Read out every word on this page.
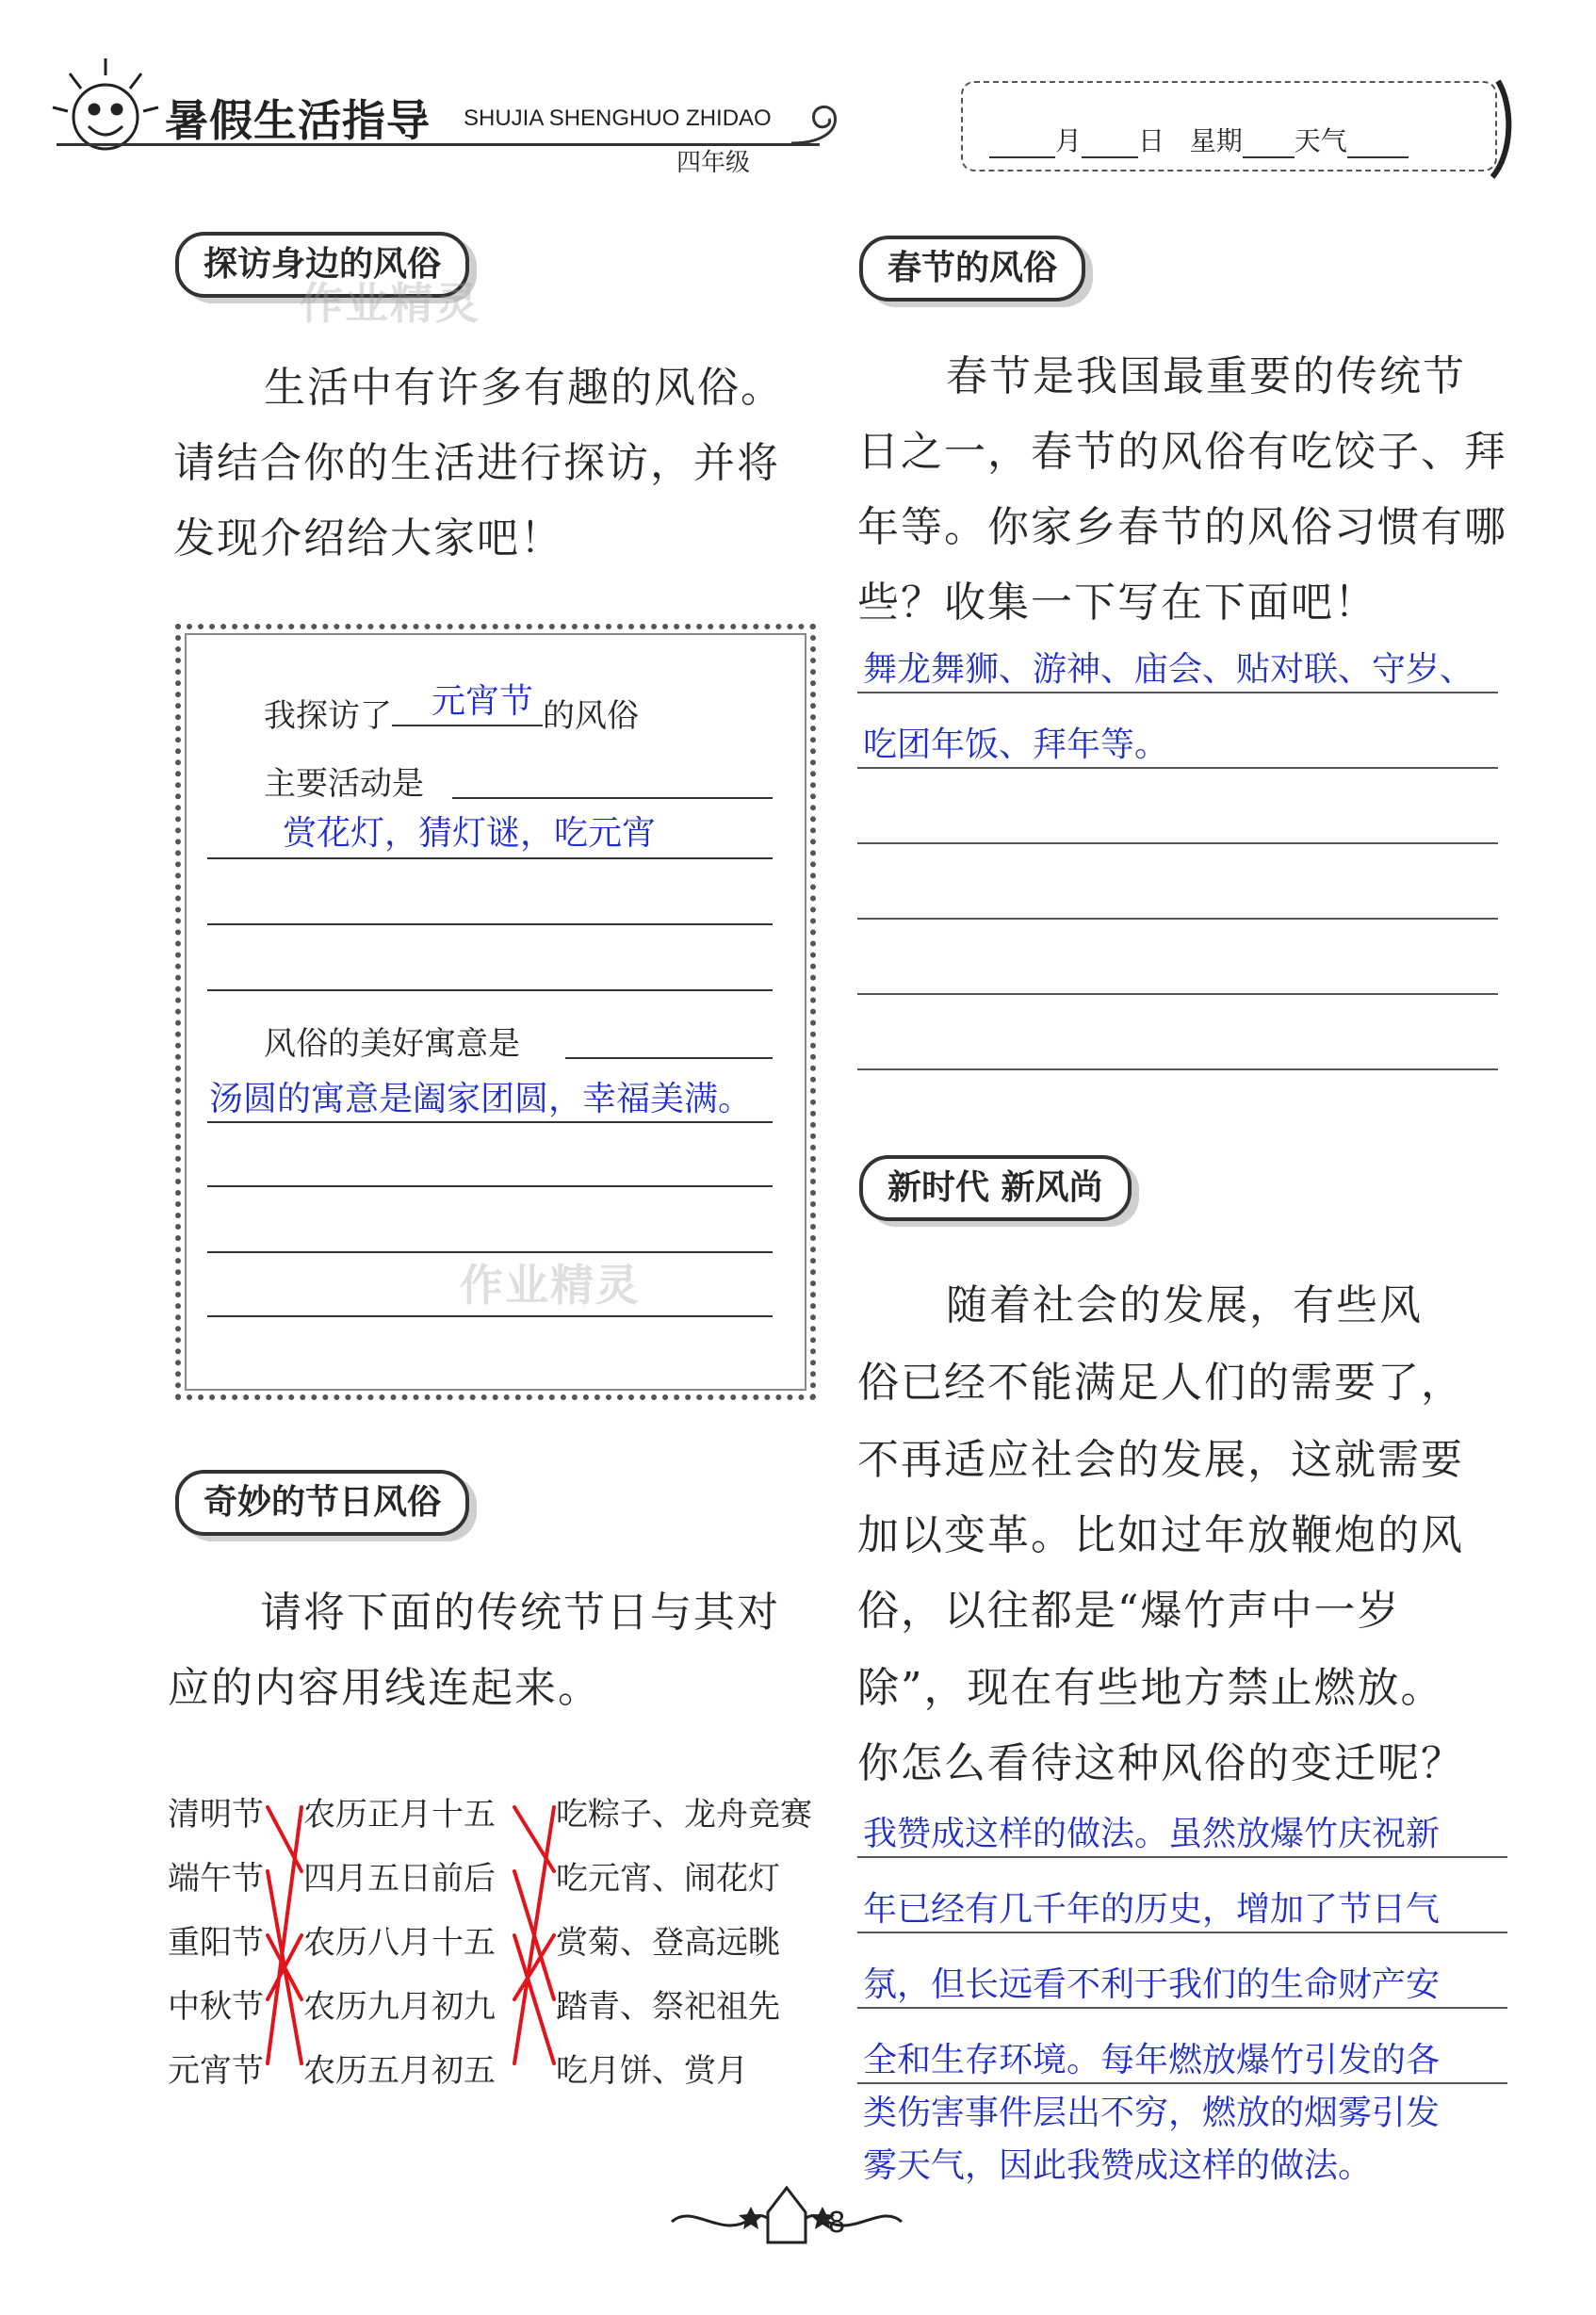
暑假生活指导 SHUJIA SHENGHUO ZHIDAO
四年级
月 日 星期 天气
探访身边的风俗
生活中有许多有趣的风俗。
请结合你的生活进行探访，并将
发现介绍给大家吧！
我探访了	的风俗
元宵节
主要活动是
赏花灯，猜灯谜，吃元宵
风俗的美好寓意是
汤圆的寓意是阖家团圆，幸福美满。
奇妙的节日风俗
请将下面的传统节日与其对
应的内容用线连起来。
清明节
端午节
重阳节
中秋节
元宵节
农历正月十五
四月五日前后
农历八月十五
农历九月初九
农历五月初五
吃粽子、龙舟竞赛
吃元宵、闹花灯
赏菊、登高远眺
踏青、祭祀祖先
吃月饼、赏月
春节的风俗
春节是我国最重要的传统节
日之一，春节的风俗有吃饺子、拜
年等。你家乡春节的风俗习惯有哪
些？收集一下写在下面吧！
舞龙舞狮、游神、庙会、贴对联、守岁、
吃团年饭、拜年等。
新时代 新风尚
随着社会的发展，有些风
俗已经不能满足人们的需要了，
不再适应社会的发展，这就需要
加以变革。比如过年放鞭炮的风
俗，以往都是“爆竹声中一岁
除”，现在有些地方禁止燃放。
你怎么看待这种风俗的变迁呢？
我赞成这样的做法。虽然放爆竹庆祝新
年已经有几千年的历史，增加了节日气
氛，但长远看不利于我们的生命财产安
全和生存环境。每年燃放爆竹引发的各
类伤害事件层出不穷，燃放的烟雾引发
雾天气，因此我赞成这样的做法。
作业精灵
作业精灵
8
